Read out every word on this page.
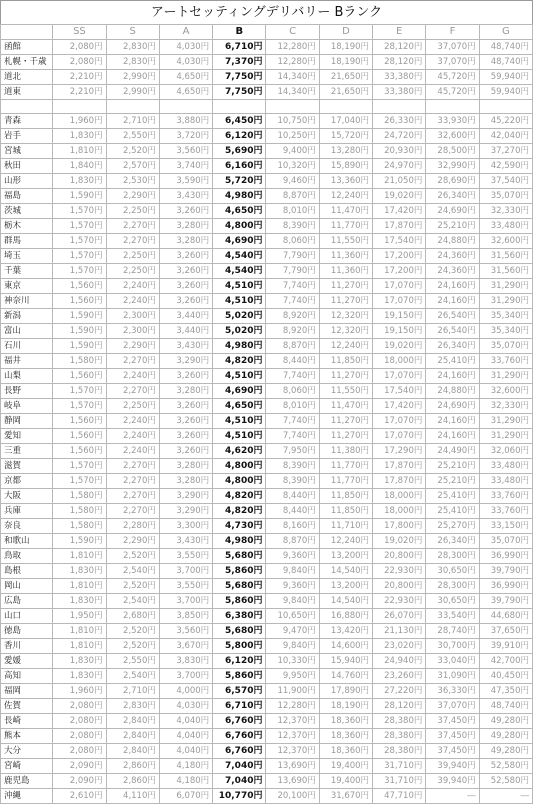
アートセッティングデリバリー Bランク
	SS	S	A	B	C	D	E	F	G
函館	2,080円	2,830円	4,030円	6,710円	12,280円	18,190円	28,120円	37,070円	48,740円
札幌・千歳	2,080円	2,830円	4,030円	7,370円	12,280円	18,190円	28,120円	37,070円	48,740円
道北	2,210円	2,990円	4,650円	7,750円	14,340円	21,650円	33,380円	45,720円	59,940円
道東	2,210円	2,990円	4,650円	7,750円	14,340円	21,650円	33,380円	45,720円	59,940円

青森	1,960円	2,710円	3,880円	6,450円	10,750円	17,040円	26,330円	33,930円	45,220円
岩手	1,830円	2,550円	3,720円	6,120円	10,250円	15,720円	24,720円	32,600円	42,040円
宮城	1,810円	2,520円	3,560円	5,690円	9,400円	13,280円	20,930円	28,500円	37,270円
秋田	1,840円	2,570円	3,740円	6,160円	10,320円	15,890円	24,970円	32,990円	42,590円
山形	1,830円	2,530円	3,590円	5,720円	9,460円	13,360円	21,050円	28,690円	37,540円
福島	1,590円	2,290円	3,430円	4,980円	8,870円	12,240円	19,020円	26,340円	35,070円
茨城	1,570円	2,250円	3,260円	4,650円	8,010円	11,470円	17,420円	24,690円	32,330円
栃木	1,570円	2,270円	3,280円	4,800円	8,390円	11,770円	17,870円	25,210円	33,480円
群馬	1,570円	2,270円	3,280円	4,690円	8,060円	11,550円	17,540円	24,880円	32,600円
埼玉	1,570円	2,250円	3,260円	4,540円	7,790円	11,360円	17,200円	24,360円	31,560円
千葉	1,570円	2,250円	3,260円	4,540円	7,790円	11,360円	17,200円	24,360円	31,560円
東京	1,560円	2,240円	3,260円	4,510円	7,740円	11,270円	17,070円	24,160円	31,290円
神奈川	1,560円	2,240円	3,260円	4,510円	7,740円	11,270円	17,070円	24,160円	31,290円
新潟	1,590円	2,300円	3,440円	5,020円	8,920円	12,320円	19,150円	26,540円	35,340円
富山	1,590円	2,300円	3,440円	5,020円	8,920円	12,320円	19,150円	26,540円	35,340円
石川	1,590円	2,290円	3,430円	4,980円	8,870円	12,240円	19,020円	26,340円	35,070円
福井	1,580円	2,270円	3,290円	4,820円	8,440円	11,850円	18,000円	25,410円	33,760円
山梨	1,560円	2,240円	3,260円	4,510円	7,740円	11,270円	17,070円	24,160円	31,290円
長野	1,570円	2,270円	3,280円	4,690円	8,060円	11,550円	17,540円	24,880円	32,600円
岐阜	1,570円	2,250円	3,260円	4,650円	8,010円	11,470円	17,420円	24,690円	32,330円
静岡	1,560円	2,240円	3,260円	4,510円	7,740円	11,270円	17,070円	24,160円	31,290円
愛知	1,560円	2,240円	3,260円	4,510円	7,740円	11,270円	17,070円	24,160円	31,290円
三重	1,560円	2,240円	3,260円	4,620円	7,950円	11,380円	17,290円	24,490円	32,060円
滋賀	1,570円	2,270円	3,280円	4,800円	8,390円	11,770円	17,870円	25,210円	33,480円
京都	1,570円	2,270円	3,280円	4,800円	8,390円	11,770円	17,870円	25,210円	33,480円
大阪	1,580円	2,270円	3,290円	4,820円	8,440円	11,850円	18,000円	25,410円	33,760円
兵庫	1,580円	2,270円	3,290円	4,820円	8,440円	11,850円	18,000円	25,410円	33,760円
奈良	1,580円	2,280円	3,300円	4,730円	8,160円	11,710円	17,800円	25,270円	33,150円
和歌山	1,590円	2,290円	3,430円	4,980円	8,870円	12,240円	19,020円	26,340円	35,070円
鳥取	1,810円	2,520円	3,550円	5,680円	9,360円	13,200円	20,800円	28,300円	36,990円
島根	1,830円	2,540円	3,700円	5,860円	9,840円	14,540円	22,930円	30,650円	39,790円
岡山	1,810円	2,520円	3,550円	5,680円	9,360円	13,200円	20,800円	28,300円	36,990円
広島	1,830円	2,540円	3,700円	5,860円	9,840円	14,540円	22,930円	30,650円	39,790円
山口	1,950円	2,680円	3,850円	6,380円	10,650円	16,880円	26,070円	33,540円	44,680円
徳島	1,810円	2,520円	3,560円	5,680円	9,470円	13,420円	21,130円	28,740円	37,650円
香川	1,810円	2,520円	3,670円	5,800円	9,840円	14,600円	23,020円	30,700円	39,910円
愛媛	1,830円	2,550円	3,830円	6,120円	10,330円	15,940円	24,940円	33,040円	42,700円
高知	1,830円	2,540円	3,700円	5,860円	9,950円	14,760円	23,260円	31,090円	40,450円
福岡	1,960円	2,710円	4,000円	6,570円	11,900円	17,890円	27,220円	36,330円	47,350円
佐賀	2,080円	2,830円	4,030円	6,710円	12,280円	18,190円	28,120円	37,070円	48,740円
長崎	2,080円	2,840円	4,040円	6,760円	12,370円	18,360円	28,380円	37,450円	49,280円
熊本	2,080円	2,840円	4,040円	6,760円	12,370円	18,360円	28,380円	37,450円	49,280円
大分	2,080円	2,840円	4,040円	6,760円	12,370円	18,360円	28,380円	37,450円	49,280円
宮崎	2,090円	2,860円	4,180円	7,040円	13,690円	19,400円	31,710円	39,940円	52,580円
鹿児島	2,090円	2,860円	4,180円	7,040円	13,690円	19,400円	31,710円	39,940円	52,580円
沖縄	2,610円	4,110円	6,070円	10,770円	20,100円	31,670円	47,710円	―	―
